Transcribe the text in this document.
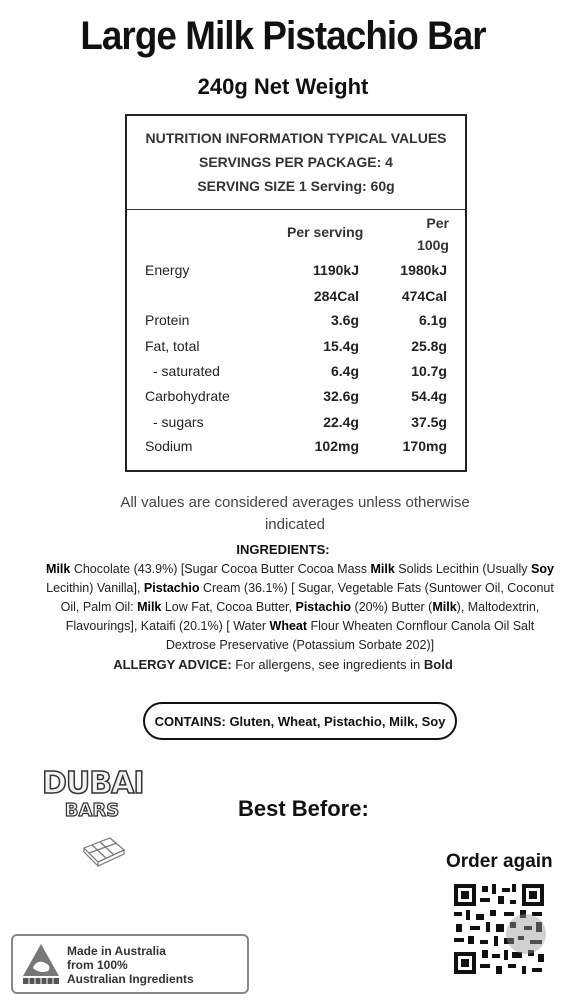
Large Milk Pistachio Bar
240g Net Weight
NUTRITION INFORMATION TYPICAL VALUES
SERVINGS PER PACKAGE: 4
SERVING SIZE 1 Serving: 60g
Per serving
Per
100g
Energy	1190kJ	1980kJ
284Cal	474Cal
Protein	3.6g	6.1g
Fat, total	15.4g	25.8g
- saturated	6.4g	10.7g
Carbohydrate	32.6g	54.4g
- sugars	22.4g	37.5g
Sodium	102mg	170mg
All values are considered averages unless otherwise indicated
INGREDIENTS:
Milk Chocolate (43.9%) [Sugar Cocoa Butter Cocoa Mass Milk Solids Lecithin (Usually Soy Lecithin) Vanilla], Pistachio Cream (36.1%) [ Sugar, Vegetable Fats (Suntower Oil, Coconut Oil, Palm Oil: Milk Low Fat, Cocoa Butter, Pistachio (20%) Butter (Milk), Maltodextrin, Flavourings], Kataifi (20.1%) [ Water Wheat Flour Wheaten Cornflour Canola Oil Salt Dextrose Preservative (Potassium Sorbate 202)]
ALLERGY ADVICE: For allergens, see ingredients in Bold
CONTAINS: Gluten, Wheat, Pistachio, Milk, Soy
DUBAI
BARS	Best Before:
Order again
Made in Australia
from 100%
Australian Ingredients
